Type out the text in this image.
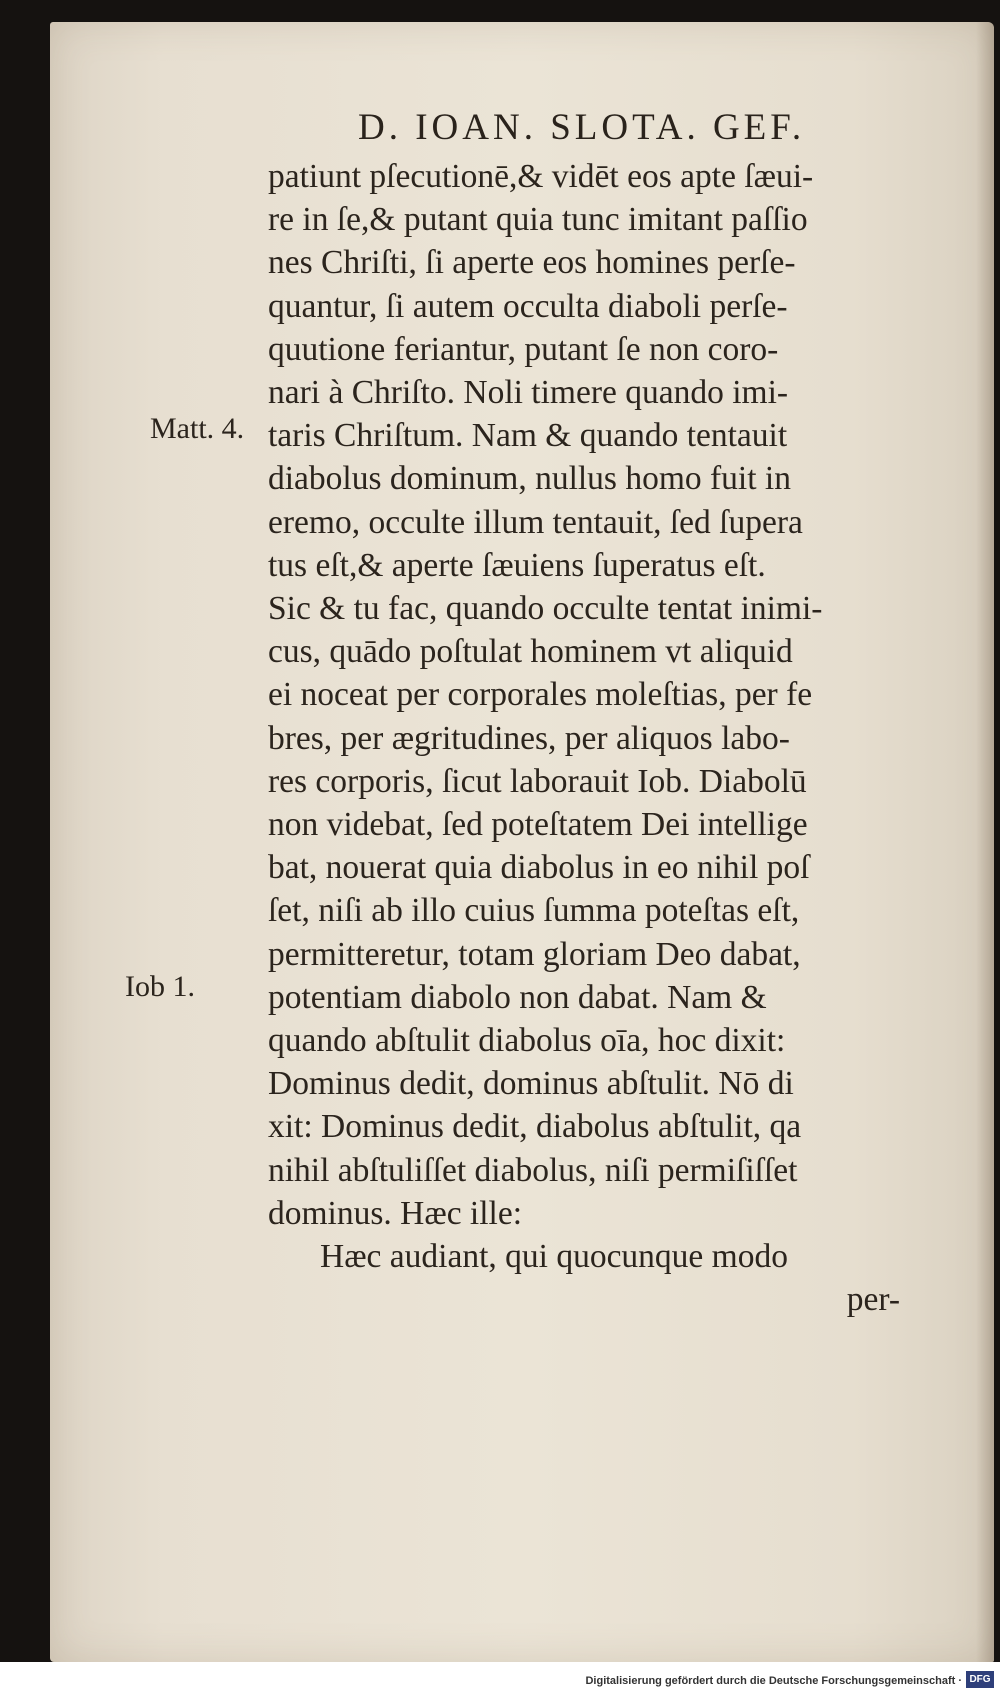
D. IOAN. SLOTA. GEF.
Matt. 4.
Iob 1.
patiunt pſecutionē,& vidēt eos apte ſæui-
re in ſe,& putant quia tunc imitant paſſio
nes Chriſti, ſi aperte eos homines perſe-
quantur, ſi autem occulta diaboli perſe-
quutione feriantur, putant ſe non coro-
nari à Chriſto. Noli timere quando imi-
taris Chriſtum. Nam & quando tentauit
diabolus dominum, nullus homo fuit in
eremo, occulte illum tentauit, ſed ſupera
tus eſt,& aperte ſæuiens ſuperatus eſt.
Sic & tu fac, quando occulte tentat inimi-
cus, quādo poſtulat hominem vt aliquid
ei noceat per corporales moleſtias, per fe
bres, per ægritudines, per aliquos labo-
res corporis, ſicut laborauit Iob. Diabolū
non videbat, ſed poteſtatem Dei intellige
bat, nouerat quia diabolus in eo nihil poſ
ſet, niſi ab illo cuius ſumma poteſtas eſt,
permitteretur, totam gloriam Deo dabat,
potentiam diabolo non dabat. Nam &
quando abſtulit diabolus oīa, hoc dixit:
Dominus dedit, dominus abſtulit. Nō di
xit: Dominus dedit, diabolus abſtulit, qa
nihil abſtuliſſet diabolus, niſi permiſiſſet
dominus. Hæc ille:
Hæc audiant, qui quocunque modo
per-
Digitalisierung gefördert durch die Deutsche Forschungsgemeinschaft · DFG
